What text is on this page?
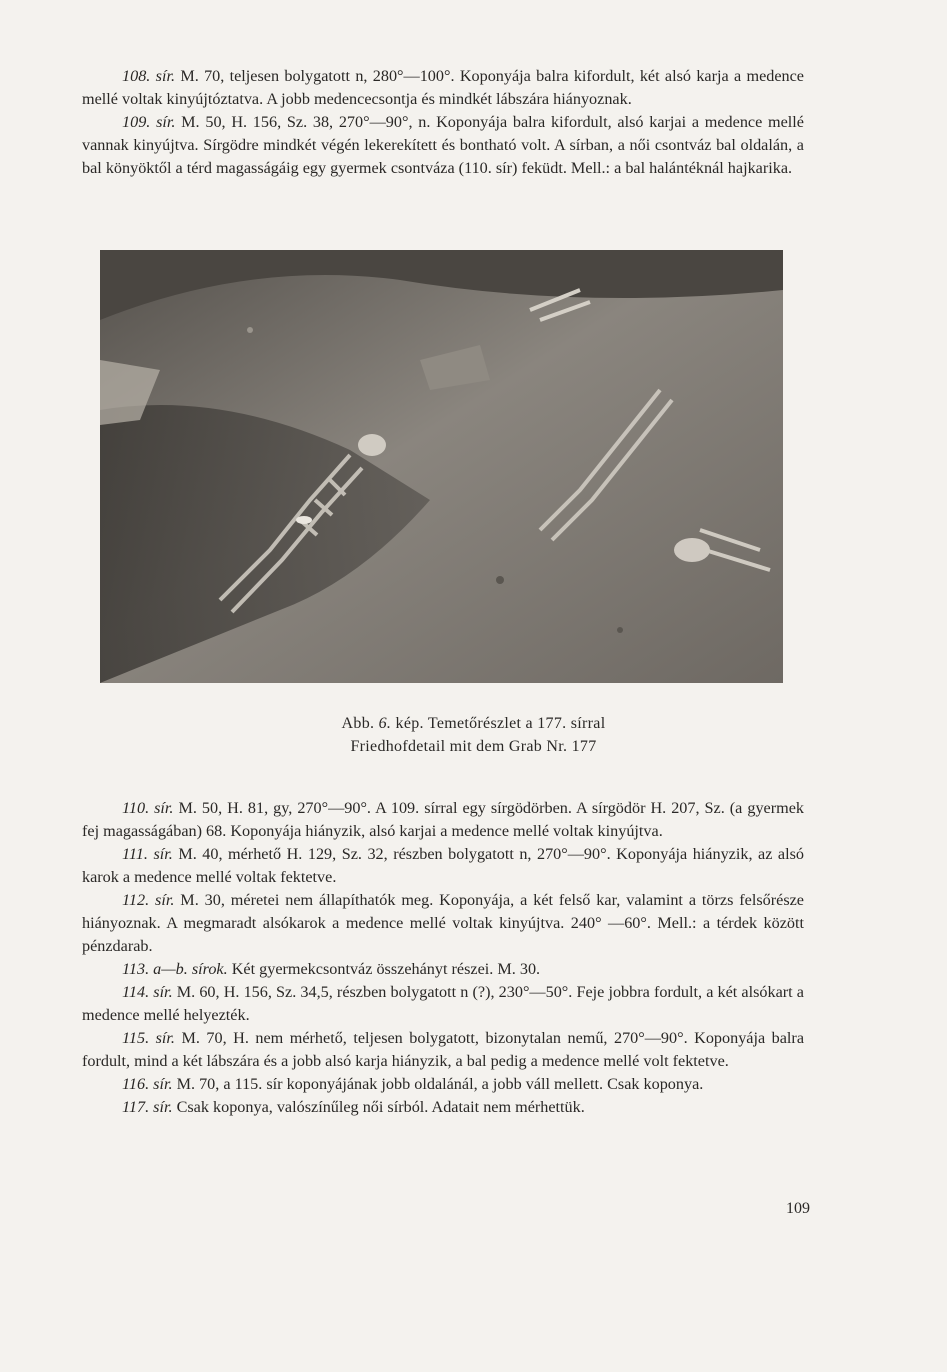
108. sír. M. 70, teljesen bolygatott n, 280°—100°. Koponyája balra kifordult, két alsó karja a medence mellé voltak kinyújtóztatva. A jobb medencecsontja és mindkét lábszára hiányoznak.

109. sír. M. 50, H. 156, Sz. 38, 270°—90°, n. Koponyája balra kifordult, alsó karjai a medence mellé vannak kinyújtva. Sírgödre mindkét végén lekerekített és bontható volt. A sírban, a női csontváz bal oldalán, a bal könyöktől a térd magasságáig egy gyermek csontváza (110. sír) feküdt. Mell.: a bal halántéknál hajkarika.

Abb. 6. kép. Temetőrészlet a 177. sírral
Friedhofdetail mit dem Grab Nr. 177

110. sír. M. 50, H. 81, gy, 270°—90°. A 109. sírral egy sírgödörben. A sírgödör H. 207, Sz. (a gyermek fej magasságában) 68. Koponyája hiányzik, alsó karjai a medence mellé voltak kinyújtva.

111. sír. M. 40, mérhető H. 129, Sz. 32, részben bolygatott n, 270°—90°. Koponyája hiányzik, az alsó karok a medence mellé voltak fektetve.

112. sír. M. 30, méretei nem állapíthatók meg. Koponyája, a két felső kar, valamint a törzs felsőrésze hiányoznak. A megmaradt alsókarok a medence mellé voltak kinyújtva. 240° —60°. Mell.: a térdek között pénzdarab.

113. a—b. sírok. Két gyermekcsontváz összehányt részei. M. 30.

114. sír. M. 60, H. 156, Sz. 34,5, részben bolygatott n (?), 230°—50°. Feje jobbra fordult, a két alsókart a medence mellé helyezték.

115. sír. M. 70, H. nem mérhető, teljesen bolygatott, bizonytalan nemű, 270°—90°. Koponyája balra fordult, mind a két lábszára és a jobb alsó karja hiányzik, a bal pedig a medence mellé volt fektetve.

116. sír. M. 70, a 115. sír koponyájának jobb oldalánál, a jobb váll mellett. Csak koponya.

117. sír. Csak koponya, valószínűleg női sírból. Adatait nem mérhettük.

109
